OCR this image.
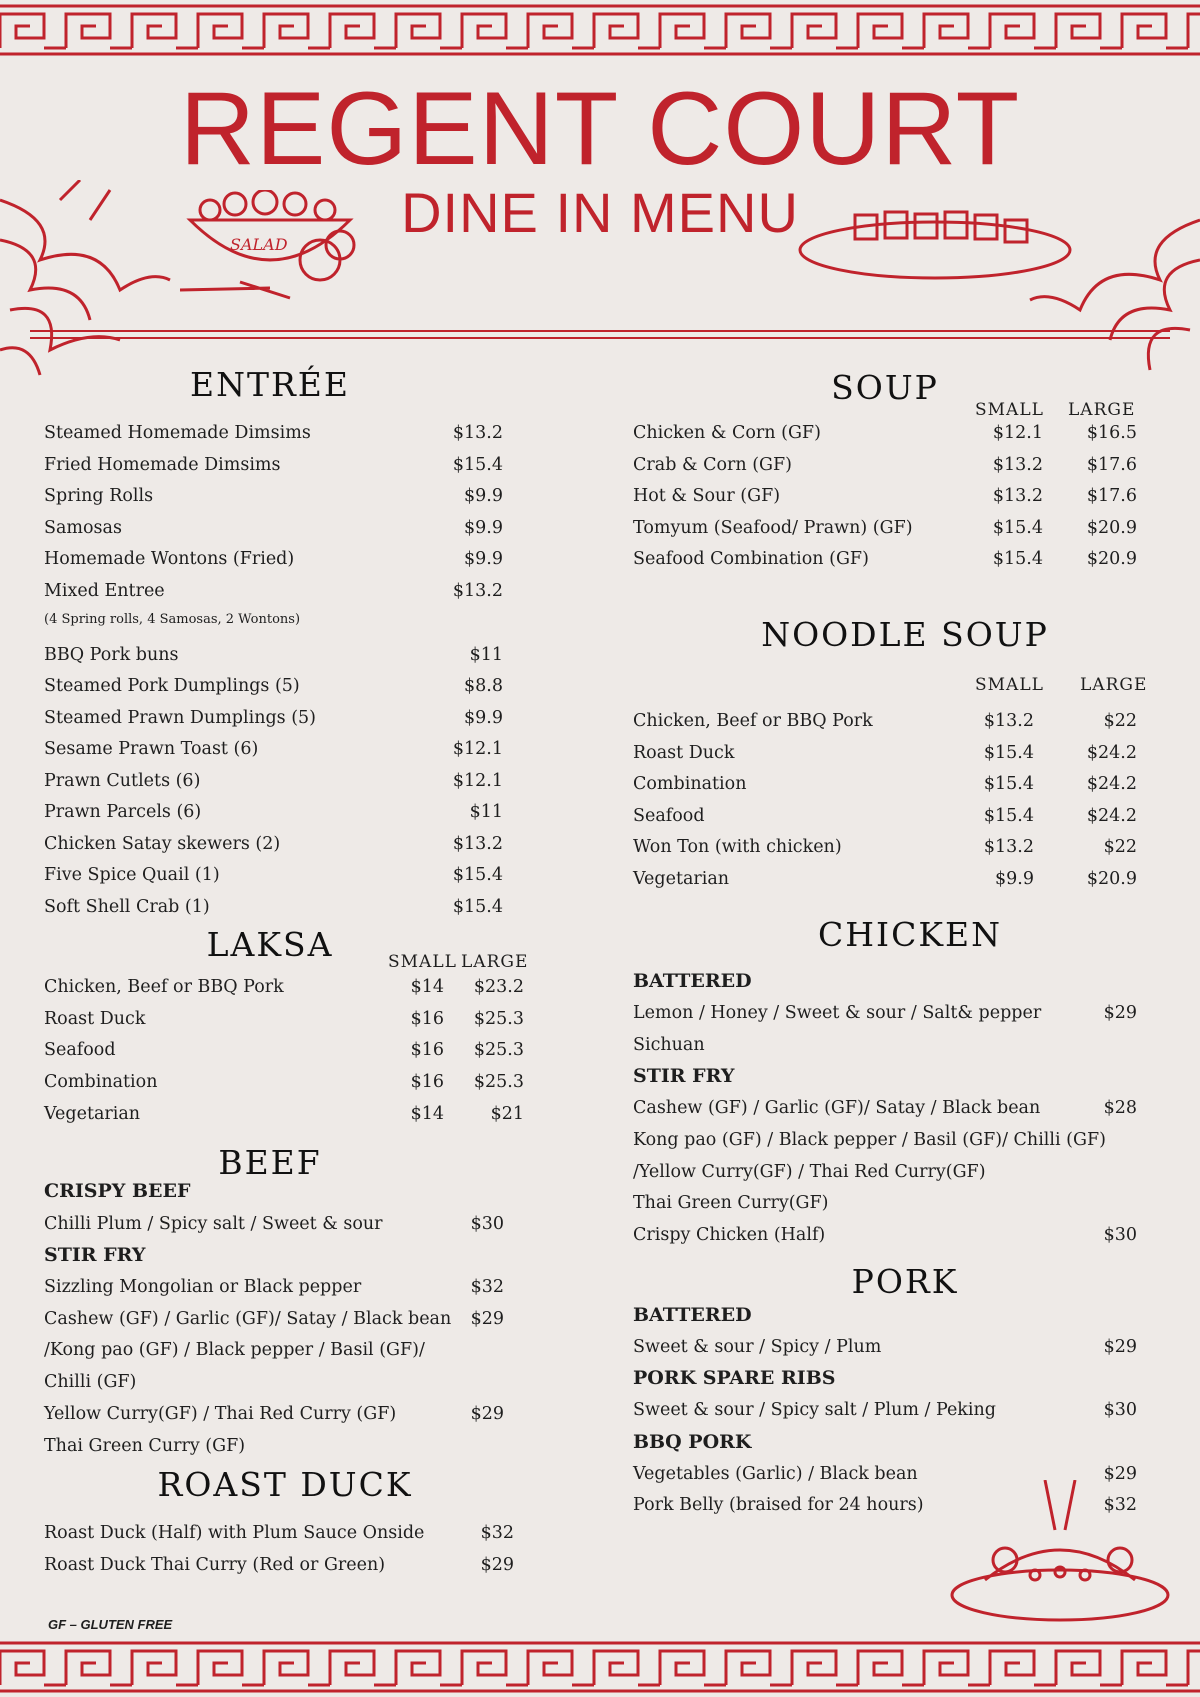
REGENT COURT
DINE IN MENU
SALAD
ENTRÉE
Steamed Homemade Dimsims	$13.2
Fried Homemade Dimsims	$15.4
Spring Rolls	$9.9
Samosas	$9.9
Homemade Wontons (Fried)	$9.9
Mixed Entree	$13.2
BBQ Pork buns	$11
Steamed Pork Dumplings (5)	$8.8
Steamed Prawn Dumplings (5)	$9.9
Sesame Prawn Toast (6)	$12.1
Prawn Cutlets (6)	$12.1
Prawn Parcels (6)	$11
Chicken Satay skewers (2)	$13.2
Five Spice Quail (1)	$15.4
Soft Shell Crab (1)	$15.4
(4 Spring rolls, 4 Samosas, 2 Wontons)
LAKSA	SMALL LARGE
Chicken, Beef or BBQ Pork	$14	$23.2
Roast Duck	$16	$25.3
Seafood	$16	$25.3
Combination	$16	$25.3
Vegetarian	$14	$21
BEEF
CRISPY BEEF
Chilli Plum / Spicy salt / Sweet & sour	$30
STIR FRY
Sizzling Mongolian or Black pepper	$32
Cashew (GF) / Garlic (GF)/ Satay / Black bean	$29
/Kong pao (GF) / Black pepper / Basil (GF)/
Chilli (GF)
Yellow Curry(GF) / Thai Red Curry (GF)	$29
Thai Green Curry (GF)
ROAST DUCK
Roast Duck (Half) with Plum Sauce Onside	$32
Roast Duck Thai Curry (Red or Green)	$29
GF – GLUTEN FREE
SOUP
SMALL LARGE
Chicken & Corn (GF)	$12.1	$16.5
Crab & Corn (GF)	$13.2	$17.6
Hot & Sour (GF)	$13.2	$17.6
Tomyum (Seafood/ Prawn) (GF)	$15.4	$20.9
Seafood Combination (GF)	$15.4	$20.9
NOODLE SOUP
SMALL LARGE
Chicken, Beef or BBQ Pork	$13.2	$22
Roast Duck	$15.4	$24.2
Combination	$15.4	$24.2
Seafood	$15.4	$24.2
Won Ton (with chicken)	$13.2	$22
Vegetarian	$9.9	$20.9
CHICKEN
BATTERED
Lemon / Honey / Sweet & sour / Salt& pepper	$29
Sichuan
STIR FRY
Cashew (GF) / Garlic (GF)/ Satay / Black bean	$28
Kong pao (GF) / Black pepper / Basil (GF)/ Chilli (GF)
/Yellow Curry(GF) / Thai Red Curry(GF)
Thai Green Curry(GF)
Crispy Chicken (Half)	$30
PORK
BATTERED
Sweet & sour / Spicy / Plum	$29
PORK SPARE RIBS
Sweet & sour / Spicy salt / Plum / Peking	$30
BBQ PORK
Vegetables (Garlic) / Black bean	$29
Pork Belly (braised for 24 hours)	$32
